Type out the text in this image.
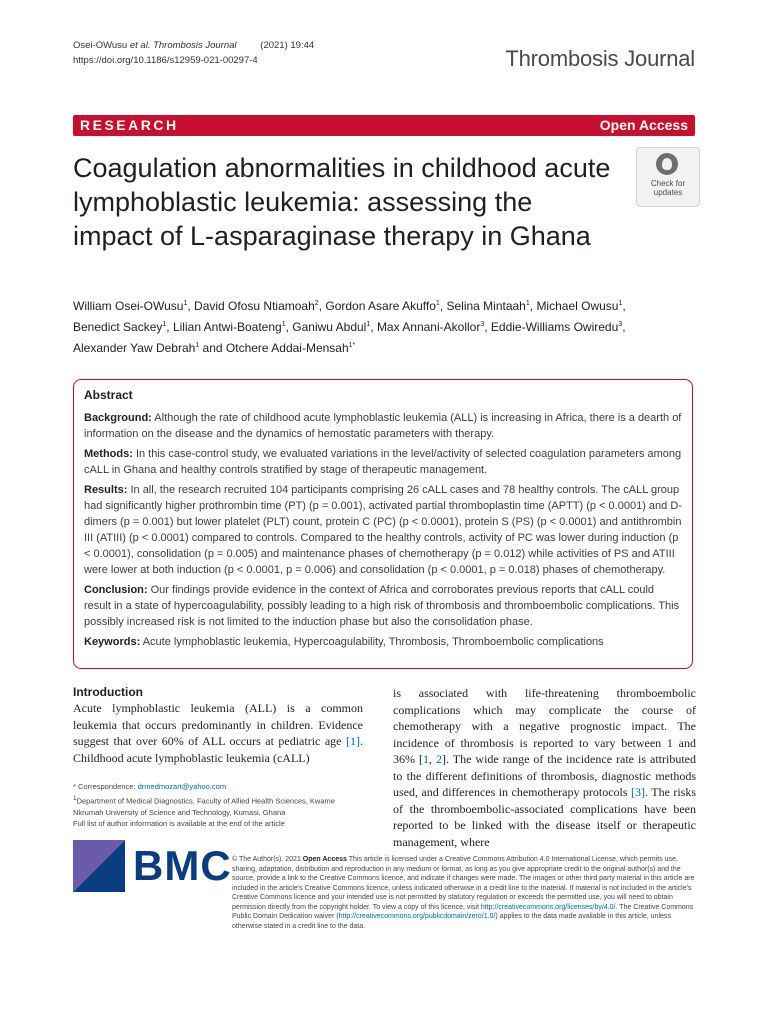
Osei-OWusu et al. Thrombosis Journal	(2021) 19:44
https://doi.org/10.1186/s12959-021-00297-4	Thrombosis Journal
RESEARCH	Open Access
Coagulation abnormalities in childhood acute lymphoblastic leukemia: assessing the impact of L-asparaginase therapy in Ghana
Check for
updates
William Osei-OWusu$^1$, David Ofosu Ntiamoah$^2$, Gordon Asare Akuffo$^1$, Selina Mintaah$^1$, Michael Owusu$^1$,
Benedict Sackey$^1$, Lilian Antwi-Boateng$^1$, Ganiwu Abdul$^1$, Max Annani-Akollor$^3$, Eddie-Williams Owiredu$^3$,
Alexander Yaw Debrah$^1$ and Otchere Addai-Mensah$^{1*}$
Abstract
Background: Although the rate of childhood acute lymphoblastic leukemia (ALL) is increasing in Africa, there is a dearth of information on the disease and the dynamics of hemostatic parameters with therapy.
Methods: In this case-control study, we evaluated variations in the level/activity of selected coagulation parameters among cALL in Ghana and healthy controls stratified by stage of therapeutic management.
Results: In all, the research recruited 104 participants comprising 26 cALL cases and 78 healthy controls. The cALL group had significantly higher prothrombin time (PT) (p = 0.001), activated partial thromboplastin time (APTT) (p < 0.0001) and D-dimers (p = 0.001) but lower platelet (PLT) count, protein C (PC) (p < 0.0001), protein S (PS) (p < 0.0001) and antithrombin III (ATIII) (p < 0.0001) compared to controls. Compared to the healthy controls, activity of PC was lower during induction (p < 0.0001), consolidation (p = 0.005) and maintenance phases of chemotherapy (p = 0.012) while activities of PS and ATIII were lower at both induction (p < 0.0001, p = 0.006) and consolidation (p < 0.0001, p = 0.018) phases of chemotherapy.
Conclusion: Our findings provide evidence in the context of Africa and corroborates previous reports that cALL could result in a state of hypercoagulability, possibly leading to a high risk of thrombosis and thromboembolic complications. This possibly increased risk is not limited to the induction phase but also the consolidation phase.
Keywords: Acute lymphoblastic leukemia, Hypercoagulability, Thrombosis, Thromboembolic complications
Introduction
Acute lymphoblastic leukemia (ALL) is a common leukemia that occurs predominantly in children. Evidence suggest that over 60% of ALL occurs at pediatric age [1]. Childhood acute lymphoblastic leukemia (cALL)
is associated with life-threatening thromboembolic complications which may complicate the course of chemotherapy with a negative prognostic impact. The incidence of thrombosis is reported to vary between 1 and 36% [1, 2]. The wide range of the incidence rate is attributed to the different definitions of thrombosis, diagnostic methods used, and differences in chemotherapy protocols [3]. The risks of the thromboembolic-associated complications have been reported to be linked with the disease itself or therapeutic management, where
* Correspondence: drmedmozart@yahoo.com
$^1$Department of Medical Diagnostics, Faculty of Allied Health Sciences, Kwame Nkrumah University of Science and Technology, Kumasi, Ghana
Full list of author information is available at the end of the article
BMC © The Author(s). 2021 Open Access This article is licensed under a Creative Commons Attribution 4.0 International License, which permits use, sharing, adaptation, distribution and reproduction in any medium or format, as long as you give appropriate credit to the original author(s) and the source, provide a link to the Creative Commons licence, and indicate if changes were made. The images or other third party material in this article are included in the article's Creative Commons licence, unless indicated otherwise in a credit line to the material. If material is not included in the article's Creative Commons licence and your intended use is not permitted by statutory regulation or exceeds the permitted use, you will need to obtain permission directly from the copyright holder. To view a copy of this licence, visit http://creativecommons.org/licenses/by/4.0/. The Creative Commons Public Domain Dedication waiver (http://creativecommons.org/publicdomain/zero/1.0/) applies to the data made available in this article, unless otherwise stated in a credit line to the data.
